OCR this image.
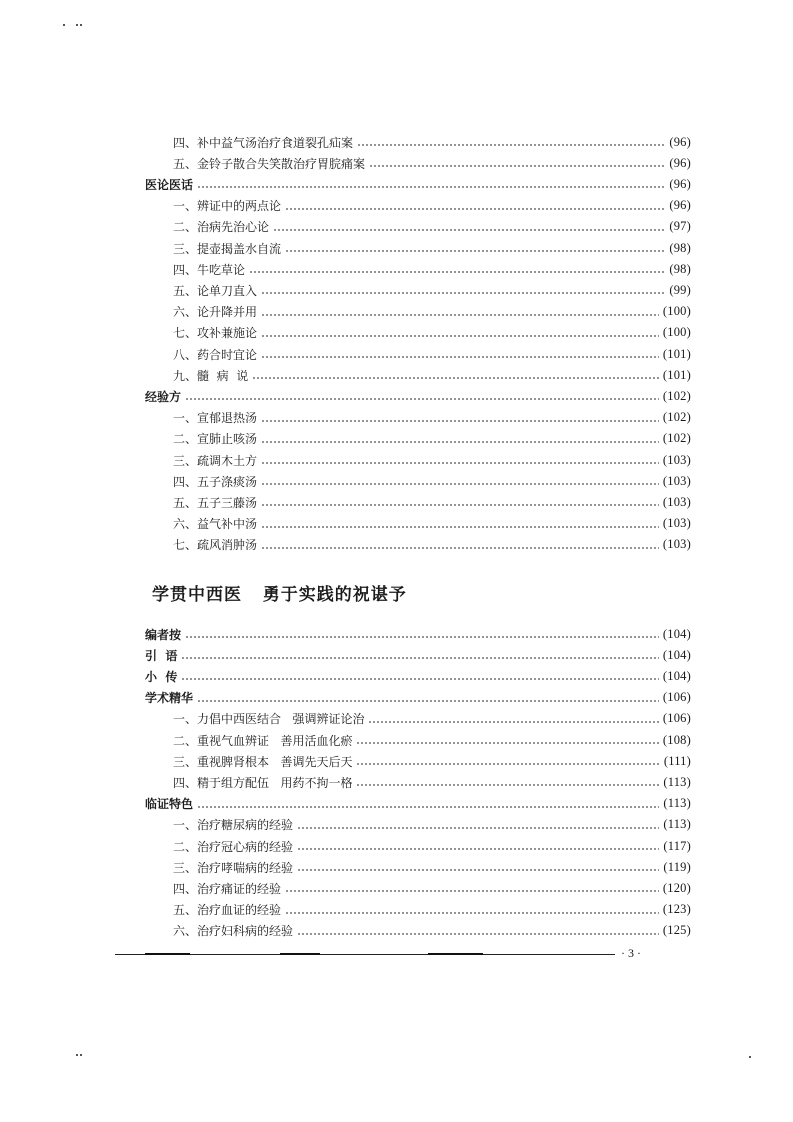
四、补中益气汤治疗食道裂孔疝案	(96)
五、金铃子散合失笑散治疗胃脘痛案	(96)
医论医话	(96)
一、辨证中的两点论	(96)
二、治病先治心论	(97)
三、提壶揭盖水自流	(98)
四、牛吃草论	(98)
五、论单刀直入	(99)
六、论升降并用	(100)
七、攻补兼施论	(100)
八、药合时宜论	(101)
九、髓  病  说	(101)
经验方	(102)
一、宣郁退热汤	(102)
二、宣肺止咳汤	(102)
三、疏调木土方	(103)
四、五子涤痰汤	(103)
五、五子三藤汤	(103)
六、益气补中汤	(103)
七、疏风消肿汤	(103)
学贯中西医   勇于实践的祝谌予
编者按	(104)
引  语	(104)
小  传	(104)
学术精华	(106)
一、力倡中西医结合   强调辨证论治	(106)
二、重视气血辨证   善用活血化瘀	(108)
三、重视脾肾根本   善调先天后天	(111)
四、精于组方配伍   用药不拘一格	(113)
临证特色	(113)
一、治疗糖尿病的经验	(113)
二、治疗冠心病的经验	(117)
三、治疗哮喘病的经验	(119)
四、治疗痛证的经验	(120)
五、治疗血证的经验	(123)
六、治疗妇科病的经验	(125)
· 3 ·
